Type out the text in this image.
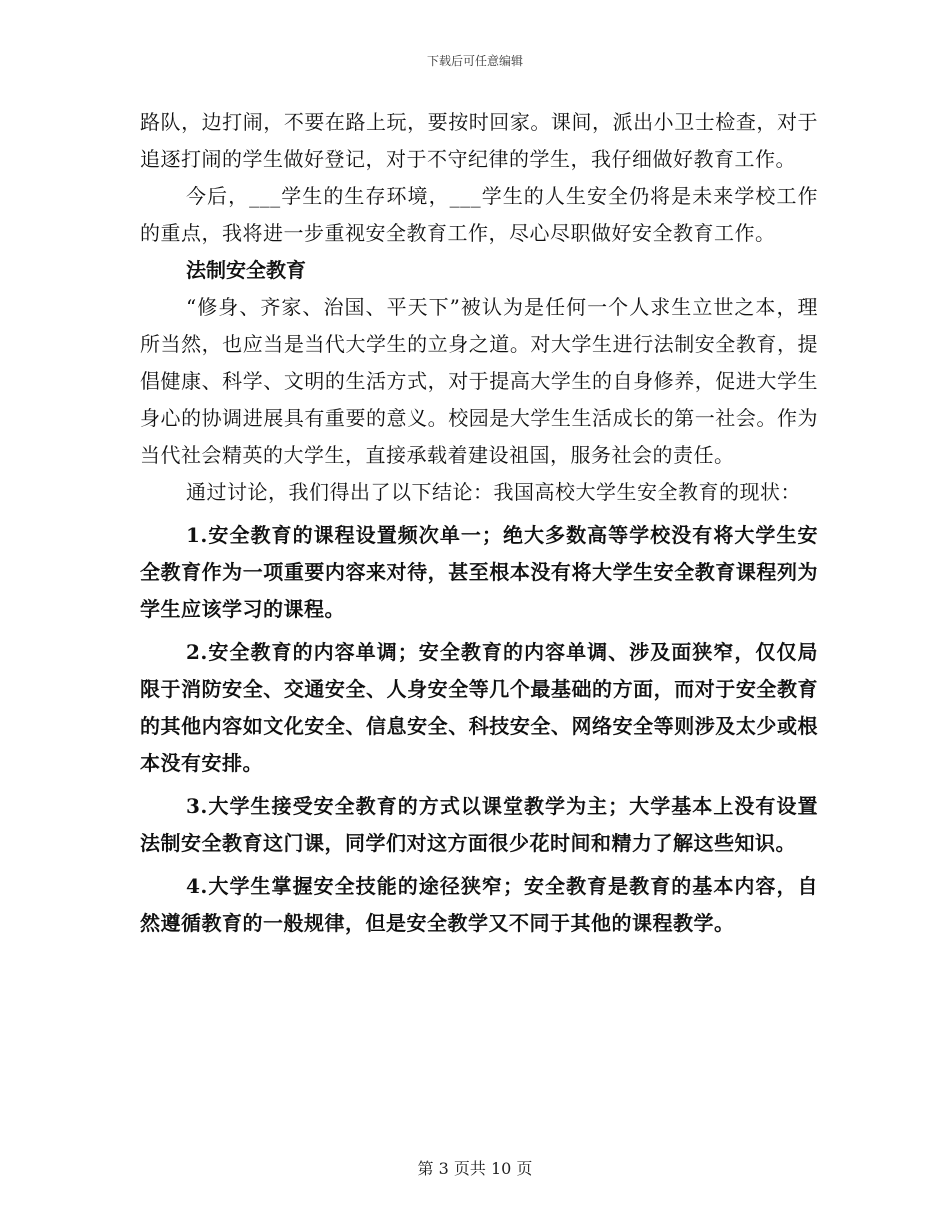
下载后可任意编辑

路队，边打闹，不要在路上玩，要按时回家。课间，派出小卫士检查，对于追逐打闹的学生做好登记，对于不守纪律的学生，我仔细做好教育工作。

今后，___学生的生存环境，___学生的人生安全仍将是未来学校工作的重点，我将进一步重视安全教育工作，尽心尽职做好安全教育工作。

法制安全教育

“修身、齐家、治国、平天下”被认为是任何一个人求生立世之本，理所当然，也应当是当代大学生的立身之道。对大学生进行法制安全教育，提倡健康、科学、文明的生活方式，对于提高大学生的自身修养，促进大学生身心的协调进展具有重要的意义。校园是大学生生活成长的第一社会。作为当代社会精英的大学生，直接承载着建设祖国，服务社会的责任。

通过讨论，我们得出了以下结论：我国高校大学生安全教育的现状：

1.安全教育的课程设置频次单一；绝大多数高等学校没有将大学生安全教育作为一项重要内容来对待，甚至根本没有将大学生安全教育课程列为学生应该学习的课程。

2.安全教育的内容单调；安全教育的内容单调、涉及面狭窄，仅仅局限于消防安全、交通安全、人身安全等几个最基础的方面，而对于安全教育的其他内容如文化安全、信息安全、科技安全、网络安全等则涉及太少或根本没有安排。

3.大学生接受安全教育的方式以课堂教学为主；大学基本上没有设置法制安全教育这门课，同学们对这方面很少花时间和精力了解这些知识。

4.大学生掌握安全技能的途径狭窄；安全教育是教育的基本内容，自然遵循教育的一般规律，但是安全教学又不同于其他的课程教学。

第 3 页共 10 页
